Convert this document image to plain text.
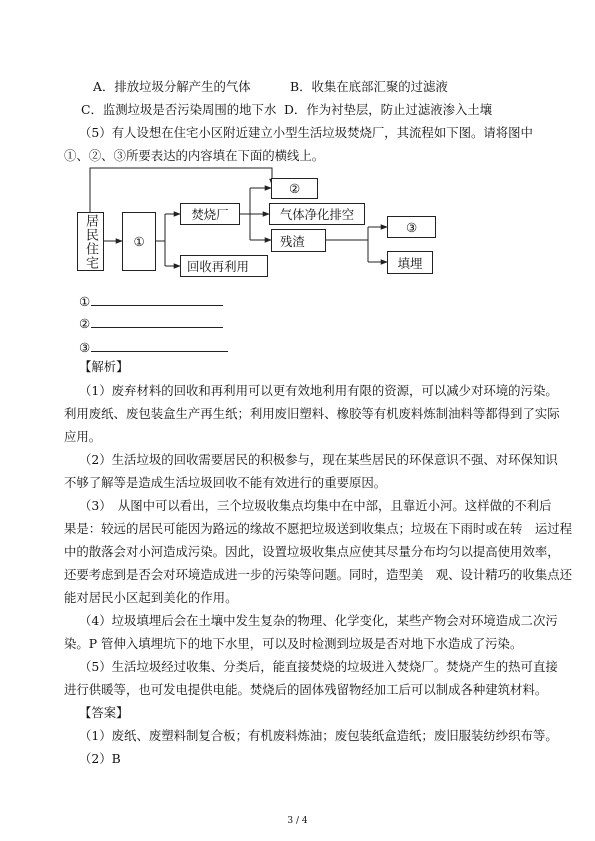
A．排放垃圾分解产生的气体	B．收集在底部汇聚的过滤液
C．监测垃圾是否污染周围的地下水 D．作为衬垫层，防止过滤液渗入土壤
（5）有人设想在住宅小区附近建立小型生活垃圾焚烧厂，其流程如下图。请将图中
①、②、③所要表达的内容填在下面的横线上。
居民住宅	①
焚烧厂
回收再利用
②
气体净化排空
残渣
③
填埋
①
②
③
【解析】
（1）废弃材料的回收和再利用可以更有效地利用有限的资源，可以减少对环境的污染。
利用废纸、废包装盒生产再生纸；利用废旧塑料、橡胶等有机废料炼制油料等都得到了实际
应用。
（2）生活垃圾的回收需要居民的积极参与，现在某些居民的环保意识不强、对环保知识
不够了解等是造成生活垃圾回收不能有效进行的重要原因。
（3）　从图中可以看出，三个垃圾收集点均集中在中部，且靠近小河。这样做的不利后
果是：较远的居民可能因为路远的缘故不愿把垃圾送到收集点；垃圾在下雨时或在转　运过程
中的散落会对小河造成污染。因此，设置垃圾收集点应使其尽量分布均匀以提高使用效率，
还要考虑到是否会对环境造成进一步的污染等问题。同时，造型美　观、设计精巧的收集点还
能对居民小区起到美化的作用。
（4）垃圾填埋后会在土壤中发生复杂的物理、化学变化，某些产物会对环境造成二次污
染。P 管伸入填埋坑下的地下水里，可以及时检测到垃圾是否对地下水造成了污染。
（5）生活垃圾经过收集、分类后，能直接焚烧的垃圾进入焚烧厂。焚烧产生的热可直接
进行供暖等，也可发电提供电能。焚烧后的固体残留物经加工后可以制成各种建筑材料。
【答案】
（1）废纸、废塑料制复合板；有机废料炼油；废包装纸盒造纸；废旧服装纺纱织布等。
（2）B
3 / 4
